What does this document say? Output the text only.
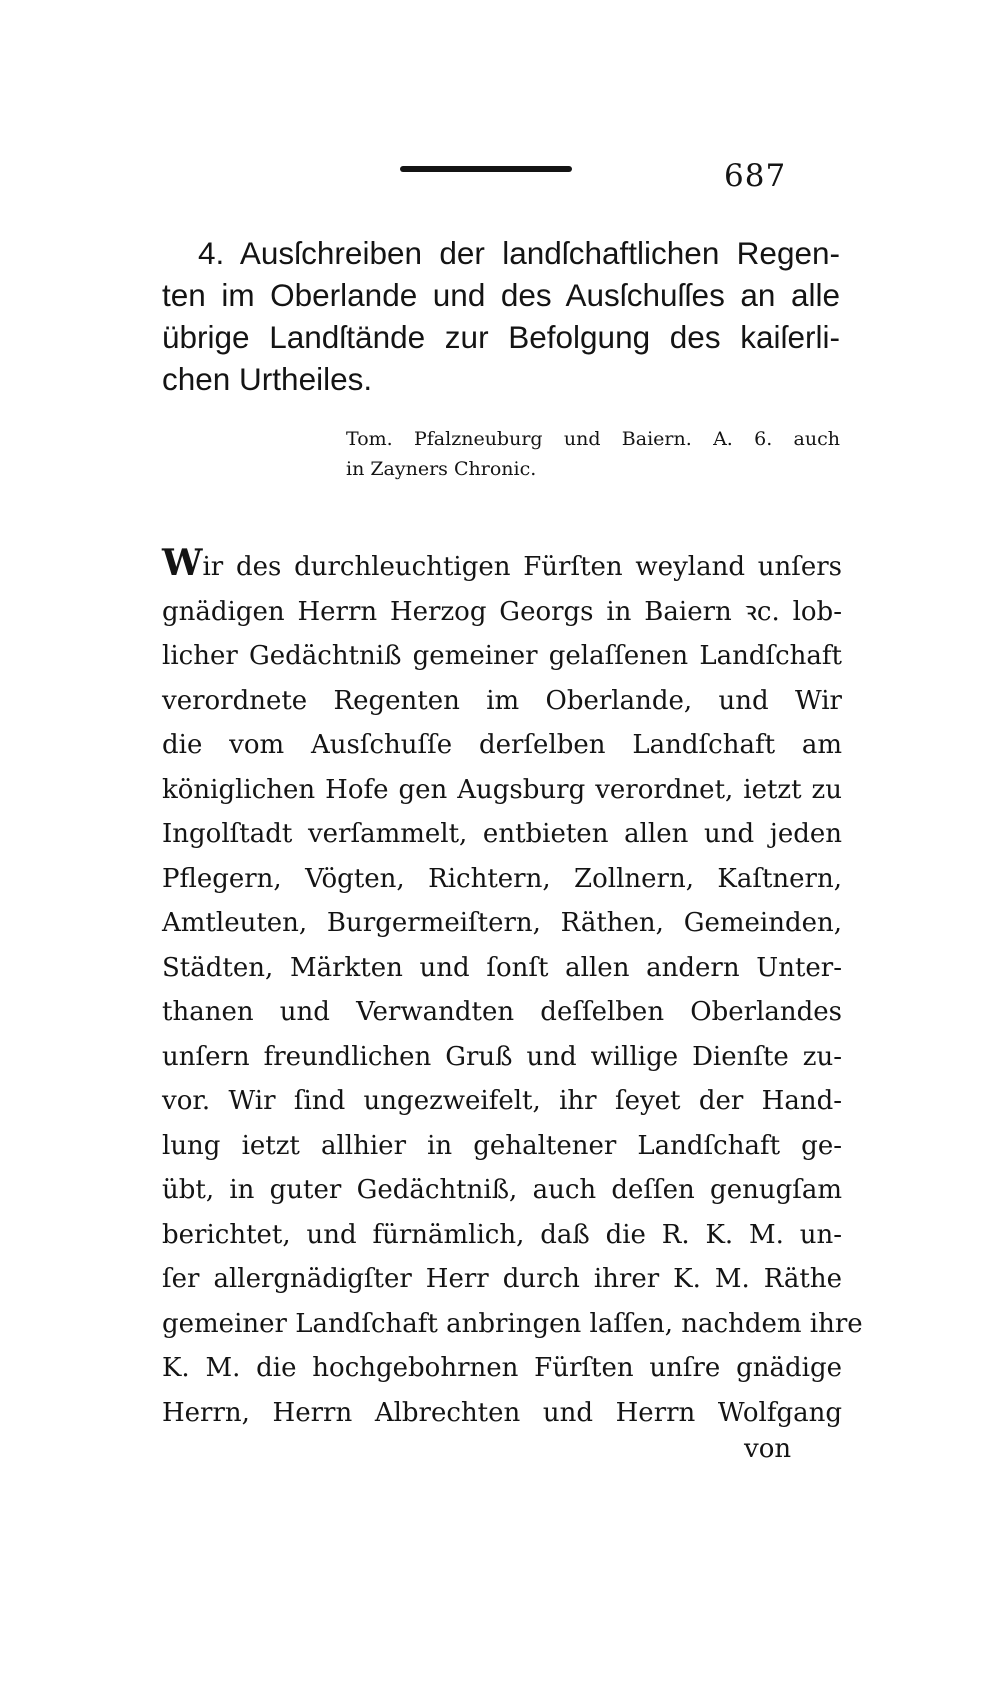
687
4. Ausſchreiben der landſchaftlichen Regen-
ten im Oberlande und des Ausſchuſſes an alle
übrige Landſtände zur Befolgung des kaiſerli-
chen Urtheiles.
Tom. Pfalzneuburg und Baiern. A. 6. auch
in Zayners Chronic.
Wir des durchleuchtigen Fürſten weyland unſers
gnädigen Herrn Herzog Georgs in Baiern ꝛc. lob-
licher Gedächtniß gemeiner gelaſſenen Landſchaft
verordnete Regenten im Oberlande, und Wir
die vom Ausſchuſſe derſelben Landſchaft am
königlichen Hofe gen Augsburg verordnet, ietzt zu
Ingolſtadt verſammelt, entbieten allen und jeden
Pflegern, Vögten, Richtern, Zollnern, Kaſtnern,
Amtleuten, Burgermeiſtern, Räthen, Gemeinden,
Städten, Märkten und ſonſt allen andern Unter-
thanen und Verwandten deſſelben Oberlandes
unſern freundlichen Gruß und willige Dienſte zu-
vor. Wir ſind ungezweifelt, ihr ſeyet der Hand-
lung ietzt allhier in gehaltener Landſchaft ge-
übt, in guter Gedächtniß, auch deſſen genugſam
berichtet, und fürnämlich, daß die R. K. M. un-
ſer allergnädigſter Herr durch ihrer K. M. Räthe
gemeiner Landſchaft anbringen laſſen, nachdem ihre
K. M. die hochgebohrnen Fürſten unſre gnädige
Herrn, Herrn Albrechten und Herrn Wolfgang
von
